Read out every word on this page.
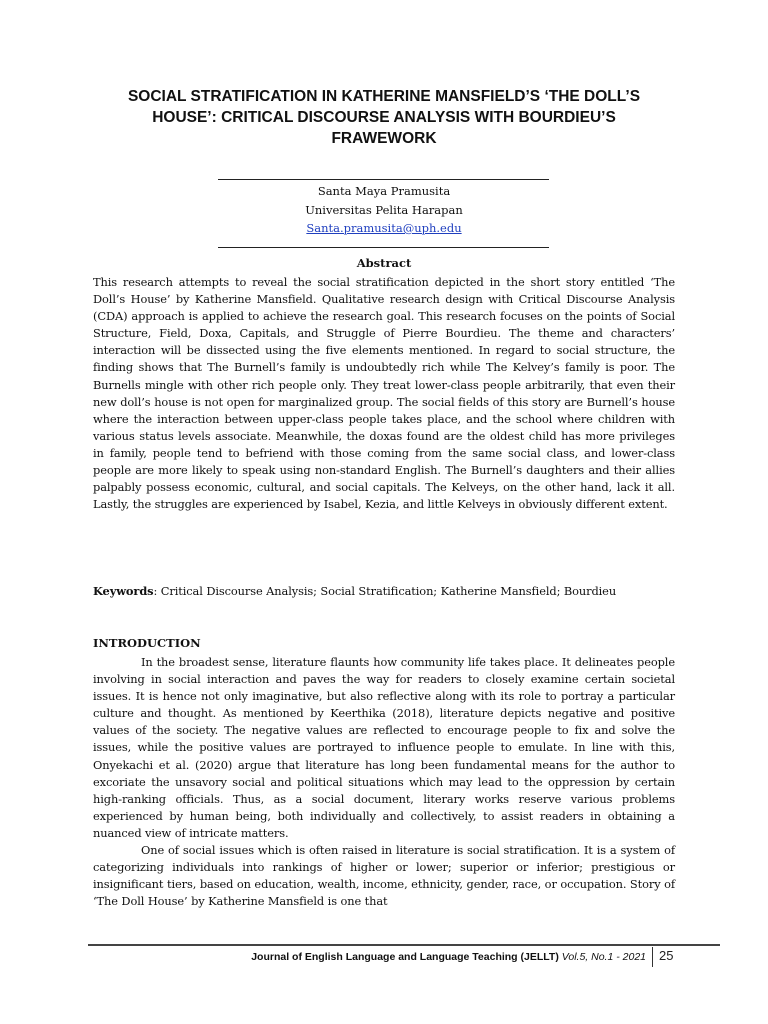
SOCIAL STRATIFICATION IN KATHERINE MANSFIELD’S ‘THE DOLL’S HOUSE’: CRITICAL DISCOURSE ANALYSIS WITH BOURDIEU’S FRAWEWORK

Santa Maya Pramusita

Universitas Pelita Harapan

Santa.pramusita@uph.edu

Abstract

This research attempts to reveal the social stratification depicted in the short story entitled ‘The Doll’s House’ by Katherine Mansfield. Qualitative research design with Critical Discourse Analysis (CDA) approach is applied to achieve the research goal. This research focuses on the points of Social Structure, Field, Doxa, Capitals, and Struggle of Pierre Bourdieu. The theme and characters’ interaction will be dissected using the five elements mentioned. In regard to social structure, the finding shows that The Burnell’s family is undoubtedly rich while The Kelvey’s family is poor. The Burnells mingle with other rich people only. They treat lower-class people arbitrarily, that even their new doll’s house is not open for marginalized group. The social fields of this story are Burnell’s house where the interaction between upper-class people takes place, and the school where children with various status levels associate. Meanwhile, the doxas found are the oldest child has more privileges in family, people tend to befriend with those coming from the same social class, and lower-class people are more likely to speak using non-standard English. The Burnell’s daughters and their allies palpably possess economic, cultural, and social capitals. The Kelveys, on the other hand, lack it all. Lastly, the struggles are experienced by Isabel, Kezia, and little Kelveys in obviously different extent.

Keywords: Critical Discourse Analysis; Social Stratification; Katherine Mansfield; Bourdieu

INTRODUCTION

In the broadest sense, literature flaunts how community life takes place. It delineates people involving in social interaction and paves the way for readers to closely examine certain societal issues. It is hence not only imaginative, but also reflective along with its role to portray a particular culture and thought. As mentioned by Keerthika (2018), literature depicts negative and positive values of the society. The negative values are reflected to encourage people to fix and solve the issues, while the positive values are portrayed to influence people to emulate. In line with this, Onyekachi et al. (2020) argue that literature has long been fundamental means for the author to excoriate the unsavory social and political situations which may lead to the oppression by certain high-ranking officials. Thus, as a social document, literary works reserve various problems experienced by human being, both individually and collectively, to assist readers in obtaining a nuanced view of intricate matters.

One of social issues which is often raised in literature is social stratification. It is a system of categorizing individuals into rankings of higher or lower; superior or inferior; prestigious or insignificant tiers, based on education, wealth, income, ethnicity, gender, race, or occupation. Story of ‘The Doll House’ by Katherine Mansfield is one that

Journal of English Language and Language Teaching (JELLT) Vol.5, No.1 - 2021 25
